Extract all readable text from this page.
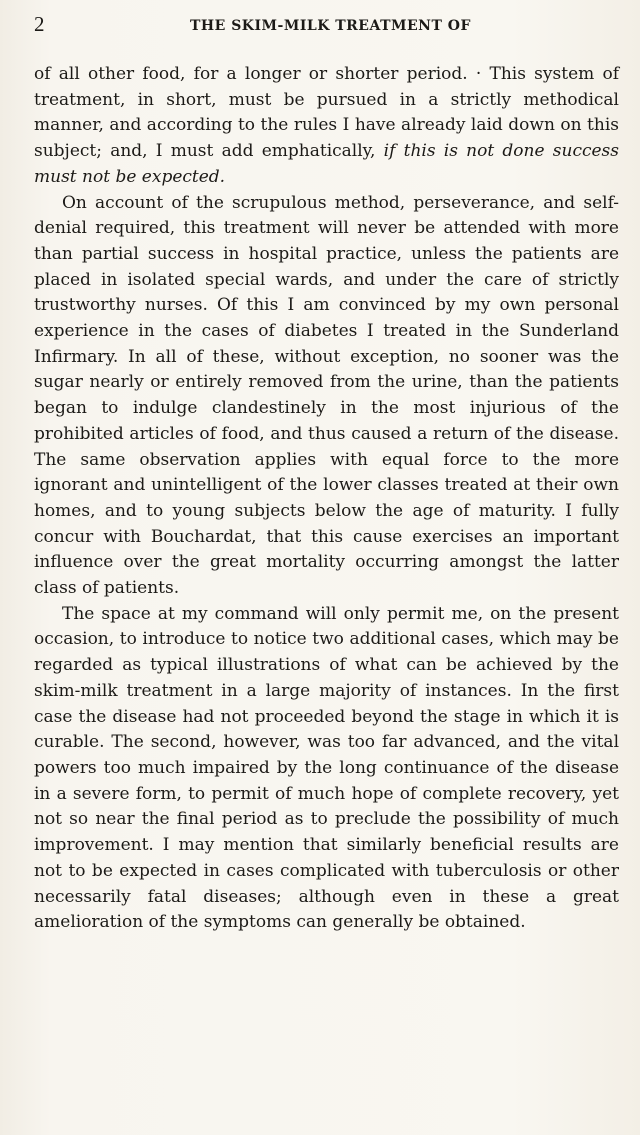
2	THE SKIM-MILK TREATMENT OF

of all other food, for a longer or shorter period. · This system of treatment, in short, must be pursued in a strictly methodical manner, and according to the rules I have already laid down on this subject; and, I must add emphatically, if this is not done success must not be expected.

On account of the scrupulous method, perseverance, and self-denial required, this treatment will never be attended with more than partial success in hospital practice, unless the patients are placed in isolated special wards, and under the care of strictly trustworthy nurses. Of this I am convinced by my own personal experience in the cases of diabetes I treated in the Sunderland Infirmary. In all of these, without exception, no sooner was the sugar nearly or entirely removed from the urine, than the patients began to indulge clandestinely in the most injurious of the prohibited articles of food, and thus caused a return of the disease. The same observation applies with equal force to the more ignorant and unintelligent of the lower classes treated at their own homes, and to young subjects below the age of maturity. I fully concur with Bouchardat, that this cause exercises an important influence over the great mortality occurring amongst the latter class of patients.

The space at my command will only permit me, on the present occasion, to introduce to notice two additional cases, which may be regarded as typical illustrations of what can be achieved by the skim-milk treatment in a large majority of instances. In the first case the disease had not proceeded beyond the stage in which it is curable. The second, however, was too far advanced, and the vital powers too much impaired by the long continuance of the disease in a severe form, to permit of much hope of complete recovery, yet not so near the final period as to preclude the possibility of much improvement. I may mention that similarly beneficial results are not to be expected in cases complicated with tuberculosis or other necessarily fatal diseases; although even in these a great amelioration of the symptoms can generally be obtained.
